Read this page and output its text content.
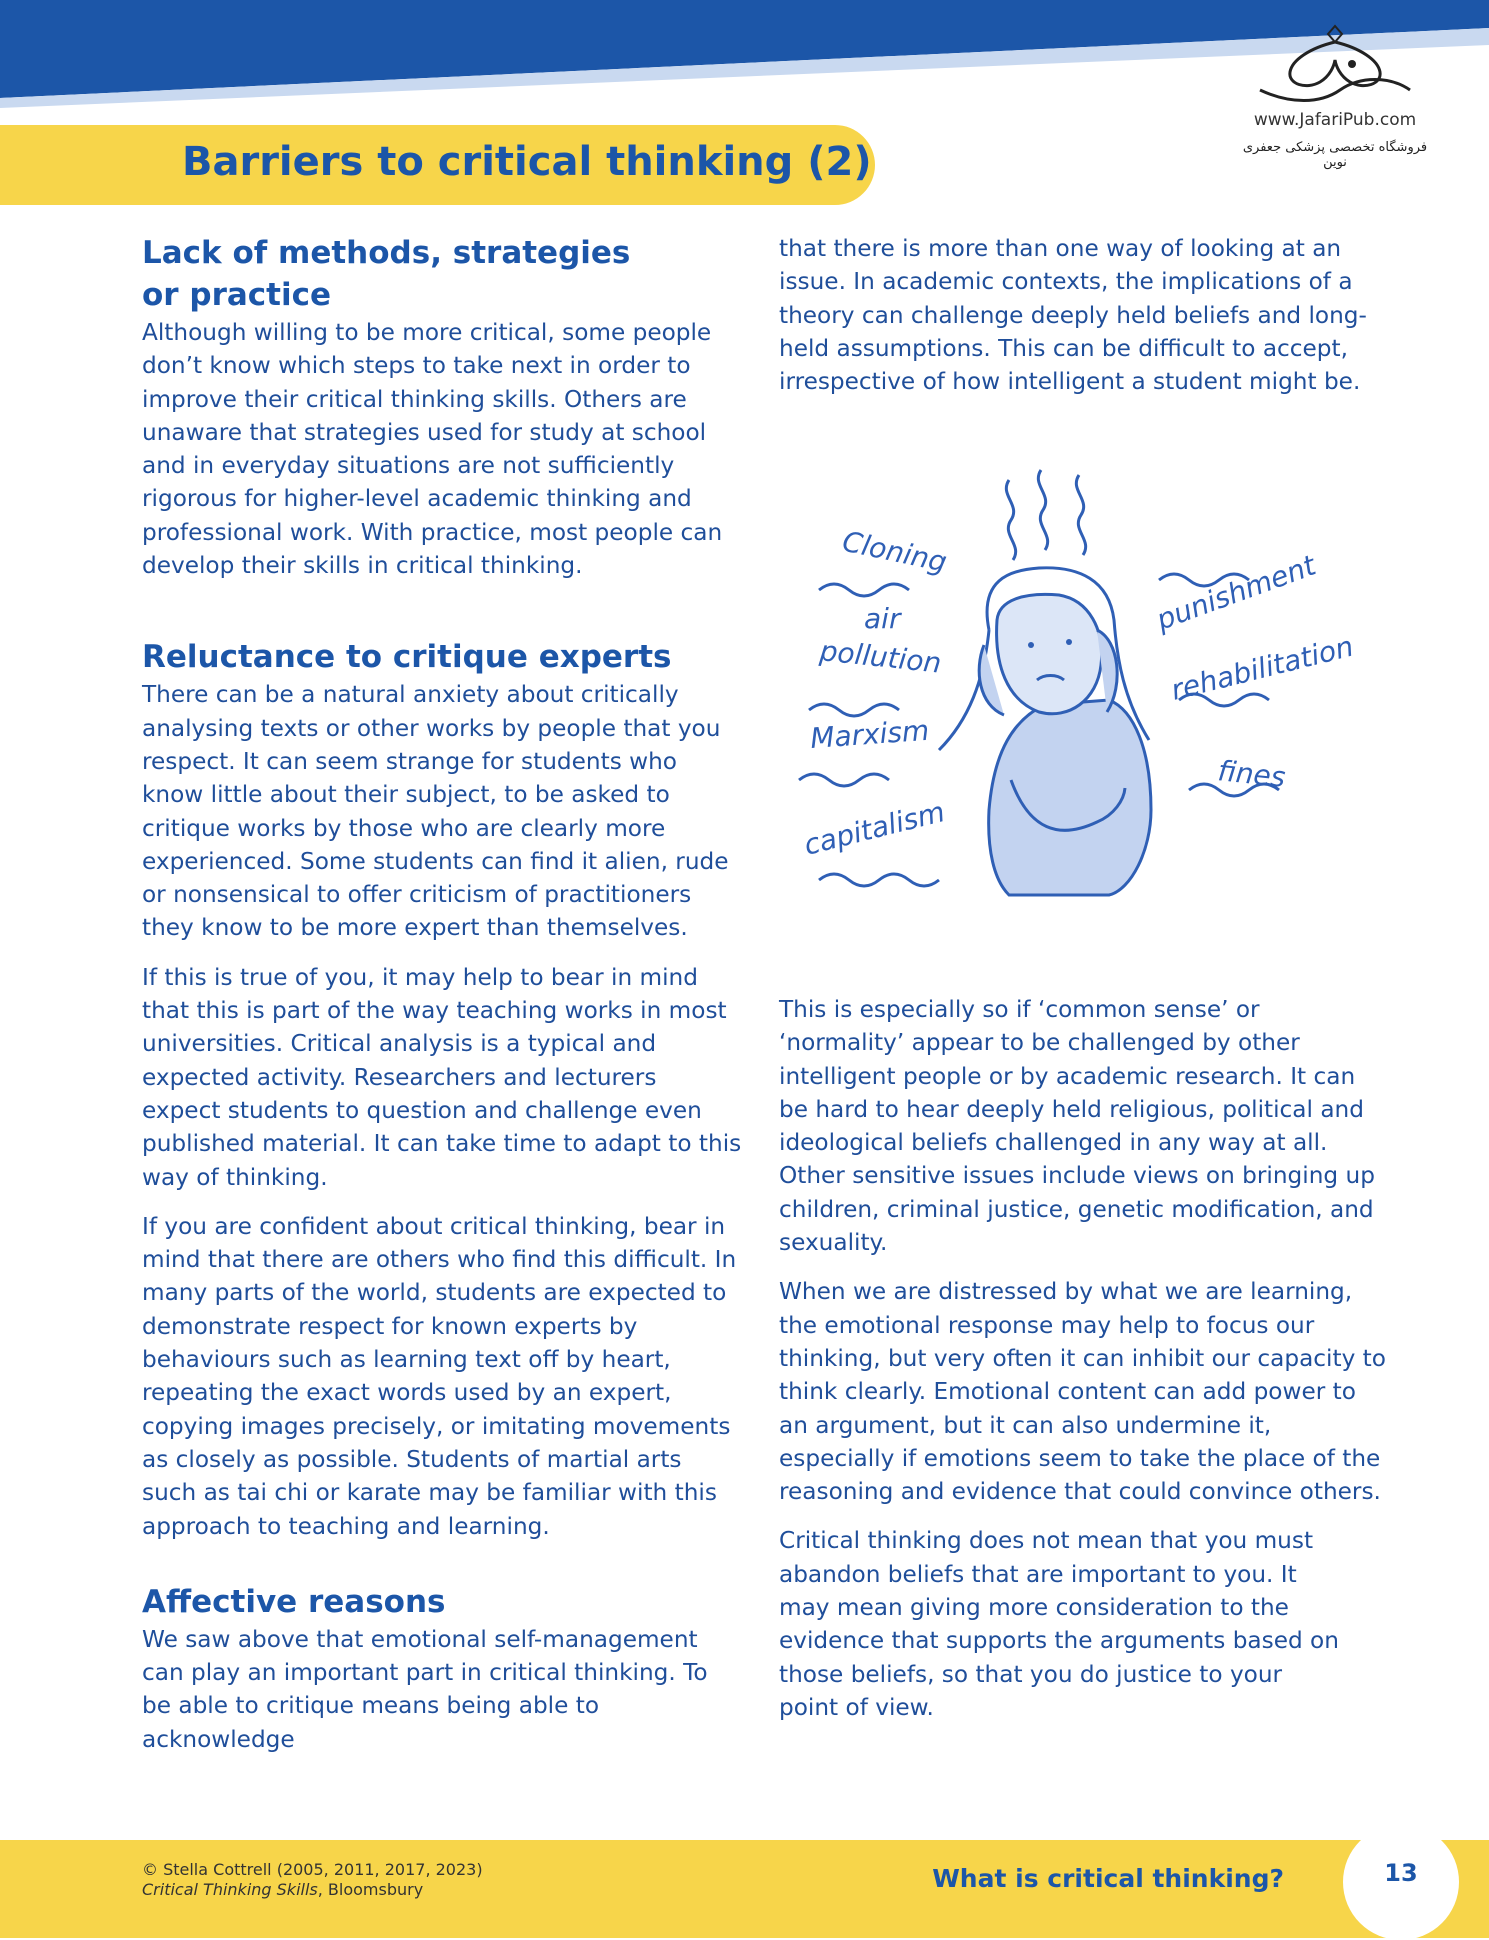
www.JafariPub.com
فروشگاه تخصصی پزشکی جعفری نوین
Barriers to critical thinking (2)
Lack of methods, strategies or practice

Although willing to be more critical, some people don’t know which steps to take next in order to improve their critical thinking skills. Others are unaware that strategies used for study at school and in everyday situations are not sufficiently rigorous for higher-level academic thinking and professional work. With practice, most people can develop their skills in critical thinking.

Reluctance to critique experts

There can be a natural anxiety about critically analysing texts or other works by people that you respect. It can seem strange for students who know little about their subject, to be asked to critique works by those who are clearly more experienced. Some students can find it alien, rude or nonsensical to offer criticism of practitioners they know to be more expert than themselves.

If this is true of you, it may help to bear in mind that this is part of the way teaching works in most universities. Critical analysis is a typical and expected activity. Researchers and lecturers expect students to question and challenge even published material. It can take time to adapt to this way of thinking.

If you are confident about critical thinking, bear in mind that there are others who find this difficult. In many parts of the world, students are expected to demonstrate respect for known experts by behaviours such as learning text off by heart, repeating the exact words used by an expert, copying images precisely, or imitating movements as closely as possible. Students of martial arts such as tai chi or karate may be familiar with this approach to teaching and learning.

Affective reasons

We saw above that emotional self-management can play an important part in critical thinking. To be able to critique means being able to acknowledge

that there is more than one way of looking at an issue. In academic contexts, the implications of a theory can challenge deeply held beliefs and long-held assumptions. This can be difficult to accept, irrespective of how intelligent a student might be.

Cloning
air
pollution
Marxism
capitalism
punishment
rehabilitation
fines

This is especially so if ‘common sense’ or ‘normality’ appear to be challenged by other intelligent people or by academic research. It can be hard to hear deeply held religious, political and ideological beliefs challenged in any way at all. Other sensitive issues include views on bringing up children, criminal justice, genetic modification, and sexuality.

When we are distressed by what we are learning, the emotional response may help to focus our thinking, but very often it can inhibit our capacity to think clearly. Emotional content can add power to an argument, but it can also undermine it, especially if emotions seem to take the place of the reasoning and evidence that could convince others.

Critical thinking does not mean that you must abandon beliefs that are important to you. It may mean giving more consideration to the evidence that supports the arguments based on those beliefs, so that you do justice to your point of view.

© Stella Cottrell (2005, 2011, 2017, 2023)
Critical Thinking Skills, Bloomsbury	What is critical thinking?	13
